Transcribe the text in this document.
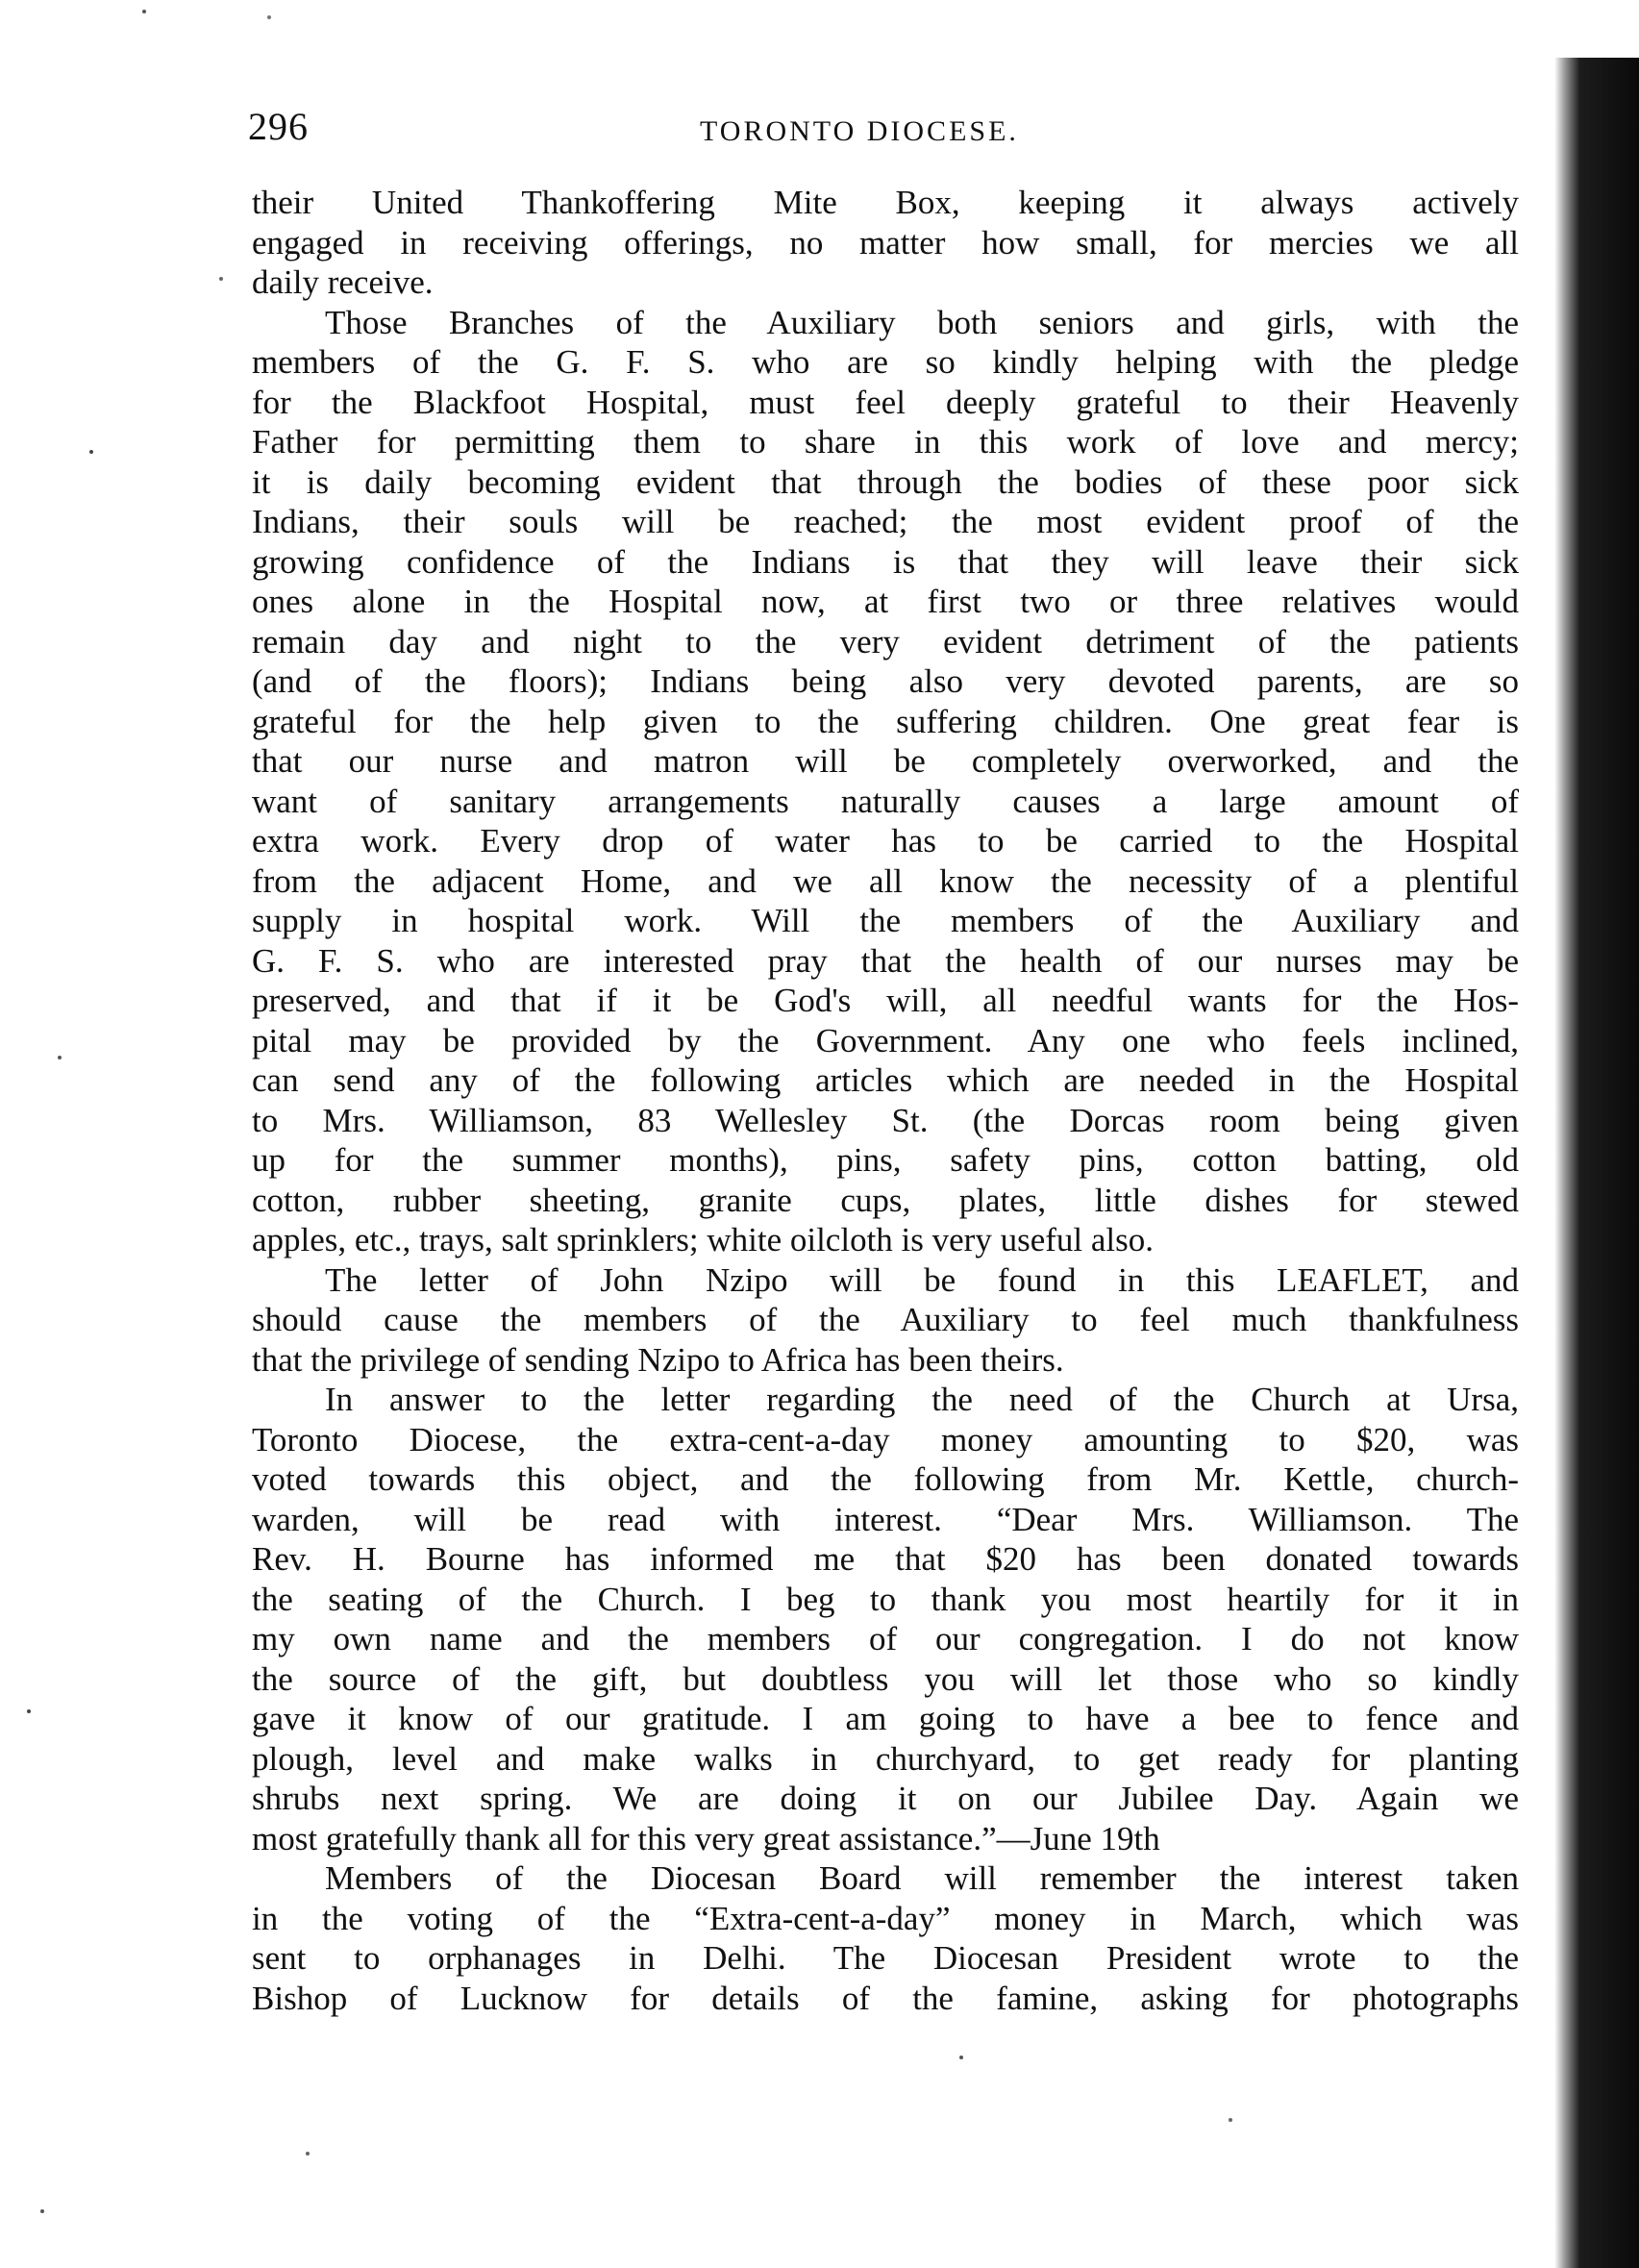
296	TORONTO DIOCESE.
their United Thankoffering Mite Box, keeping it always actively
engaged in receiving offerings, no matter how small, for mercies we all
daily receive.
Those Branches of the Auxiliary both seniors and girls, with the
members of the G. F. S. who are so kindly helping with the pledge
for the Blackfoot Hospital, must feel deeply grateful to their Heavenly
Father for permitting them to share in this work of love and mercy;
it is daily becoming evident that through the bodies of these poor sick
Indians, their souls will be reached; the most evident proof of the
growing confidence of the Indians is that they will leave their sick
ones alone in the Hospital now, at first two or three relatives would
remain day and night to the very evident detriment of the patients
(and of the floors); Indians being also very devoted parents, are so
grateful for the help given to the suffering children. One great fear is
that our nurse and matron will be completely overworked, and the
want of sanitary arrangements naturally causes a large amount of
extra work. Every drop of water has to be carried to the Hospital
from the adjacent Home, and we all know the necessity of a plentiful
supply in hospital work. Will the members of the Auxiliary and
G. F. S. who are interested pray that the health of our nurses may be
preserved, and that if it be God's will, all needful wants for the Hos-
pital may be provided by the Government. Any one who feels inclined,
can send any of the following articles which are needed in the Hospital
to Mrs. Williamson, 83 Wellesley St. (the Dorcas room being given
up for the summer months), pins, safety pins, cotton batting, old
cotton, rubber sheeting, granite cups, plates, little dishes for stewed
apples, etc., trays, salt sprinklers; white oilcloth is very useful also.
The letter of John Nzipo will be found in this LEAFLET, and
should cause the members of the Auxiliary to feel much thankfulness
that the privilege of sending Nzipo to Africa has been theirs.
In answer to the letter regarding the need of the Church at Ursa,
Toronto Diocese, the extra-cent-a-day money amounting to $20, was
voted towards this object, and the following from Mr. Kettle, church-
warden, will be read with interest. “Dear Mrs. Williamson. The
Rev. H. Bourne has informed me that $20 has been donated towards
the seating of the Church. I beg to thank you most heartily for it in
my own name and the members of our congregation. I do not know
the source of the gift, but doubtless you will let those who so kindly
gave it know of our gratitude. I am going to have a bee to fence and
plough, level and make walks in churchyard, to get ready for planting
shrubs next spring. We are doing it on our Jubilee Day. Again we
most gratefully thank all for this very great assistance.”—June 19th
Members of the Diocesan Board will remember the interest taken
in the voting of the “Extra-cent-a-day” money in March, which was
sent to orphanages in Delhi. The Diocesan President wrote to the
Bishop of Lucknow for details of the famine, asking for photographs
